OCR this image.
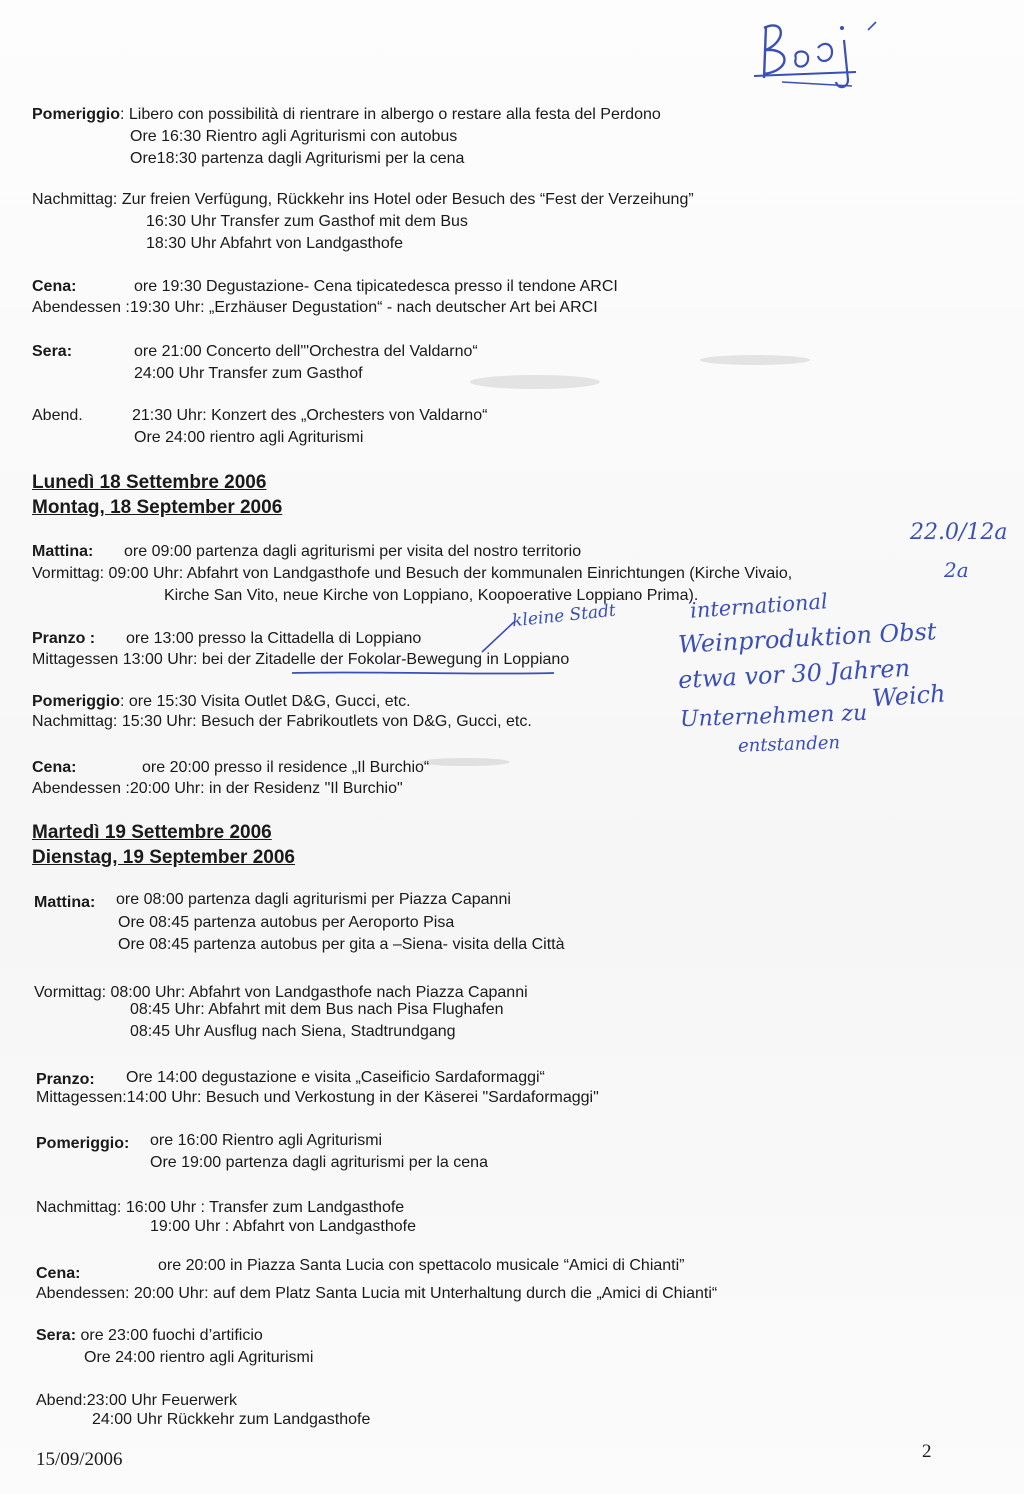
Pomeriggio: Libero con possibilità di rientrare in albergo o restare alla festa del Perdono
Ore 16:30 Rientro agli Agriturismi con autobus
Ore18:30 partenza dagli Agriturismi per la cena
Nachmittag: Zur freien Verfügung, Rückkehr ins Hotel oder Besuch des “Fest der Verzeihung”
16:30 Uhr Transfer zum Gasthof mit dem Bus
18:30 Uhr Abfahrt von Landgasthofe
Cena:	ore 19:30 Degustazione- Cena tipicatedesca presso il tendone ARCI
Abendessen :19:30 Uhr: „Erzhäuser Degustation“ - nach deutscher Art bei ARCI
Sera:	ore 21:00 Concerto dell'"Orchestra del Valdarno“
24:00 Uhr Transfer zum Gasthof
Abend.	21:30 Uhr: Konzert des „Orchesters von Valdarno“
Ore 24:00 rientro agli Agriturismi
Lunedì 18 Settembre 2006
Montag, 18 September 2006
Mattina: ore 09:00 partenza dagli agriturismi per visita del nostro territorio
Vormittag: 09:00 Uhr: Abfahrt von Landgasthofe und Besuch der kommunalen Einrichtungen (Kirche Vivaio,
Kirche San Vito, neue Kirche von Loppiano, Koopoerative Loppiano Prima).
Pranzo : ore 13:00 presso la Cittadella di Loppiano
Mittagessen 13:00 Uhr: bei der Zitadelle der Fokolar-Bewegung in Loppiano
Pomeriggio: ore 15:30 Visita Outlet D&G, Gucci, etc.
Nachmittag: 15:30 Uhr: Besuch der Fabrikoutlets von D&G, Gucci, etc.
Cena:	ore 20:00 presso il residence „Il Burchio“
Abendessen :20:00 Uhr: in der Residenz "Il Burchio"
22.0/12a
2a
kleine Stadt	international
Weinproduktion Obst
etwa vor 30 Jahren
Unternehmen zu
entstanden
Weich
Martedì 19 Settembre 2006
Dienstag, 19 September 2006
Mattina: ore 08:00 partenza dagli agriturismi per Piazza Capanni
Ore 08:45 partenza autobus per Aeroporto Pisa
Ore 08:45 partenza autobus per gita a –Siena- visita della Città
Vormittag: 08:00 Uhr: Abfahrt von Landgasthofe nach Piazza Capanni
08:45 Uhr: Abfahrt mit dem Bus nach Pisa Flughafen
08:45 Uhr Ausflug nach Siena, Stadtrundgang
Pranzo: Ore 14:00 degustazione e visita „Caseificio Sardaformaggi“
Mittagessen:14:00 Uhr: Besuch und Verkostung in der Käserei "Sardaformaggi"
Pomeriggio: ore 16:00 Rientro agli Agriturismi
Ore 19:00 partenza dagli agriturismi per la cena
Nachmittag: 16:00 Uhr : Transfer zum Landgasthofe
19:00 Uhr : Abfahrt von Landgasthofe
Cena:	ore 20:00 in Piazza Santa Lucia con spettacolo musicale “Amici di Chianti”
Abendessen: 20:00 Uhr: auf dem Platz Santa Lucia mit Unterhaltung durch die „Amici di Chianti“
Sera: ore 23:00 fuochi d’artificio
Ore 24:00 rientro agli Agriturismi
Abend:23:00 Uhr Feuerwerk
24:00 Uhr Rückkehr zum Landgasthofe
15/09/2006	2
